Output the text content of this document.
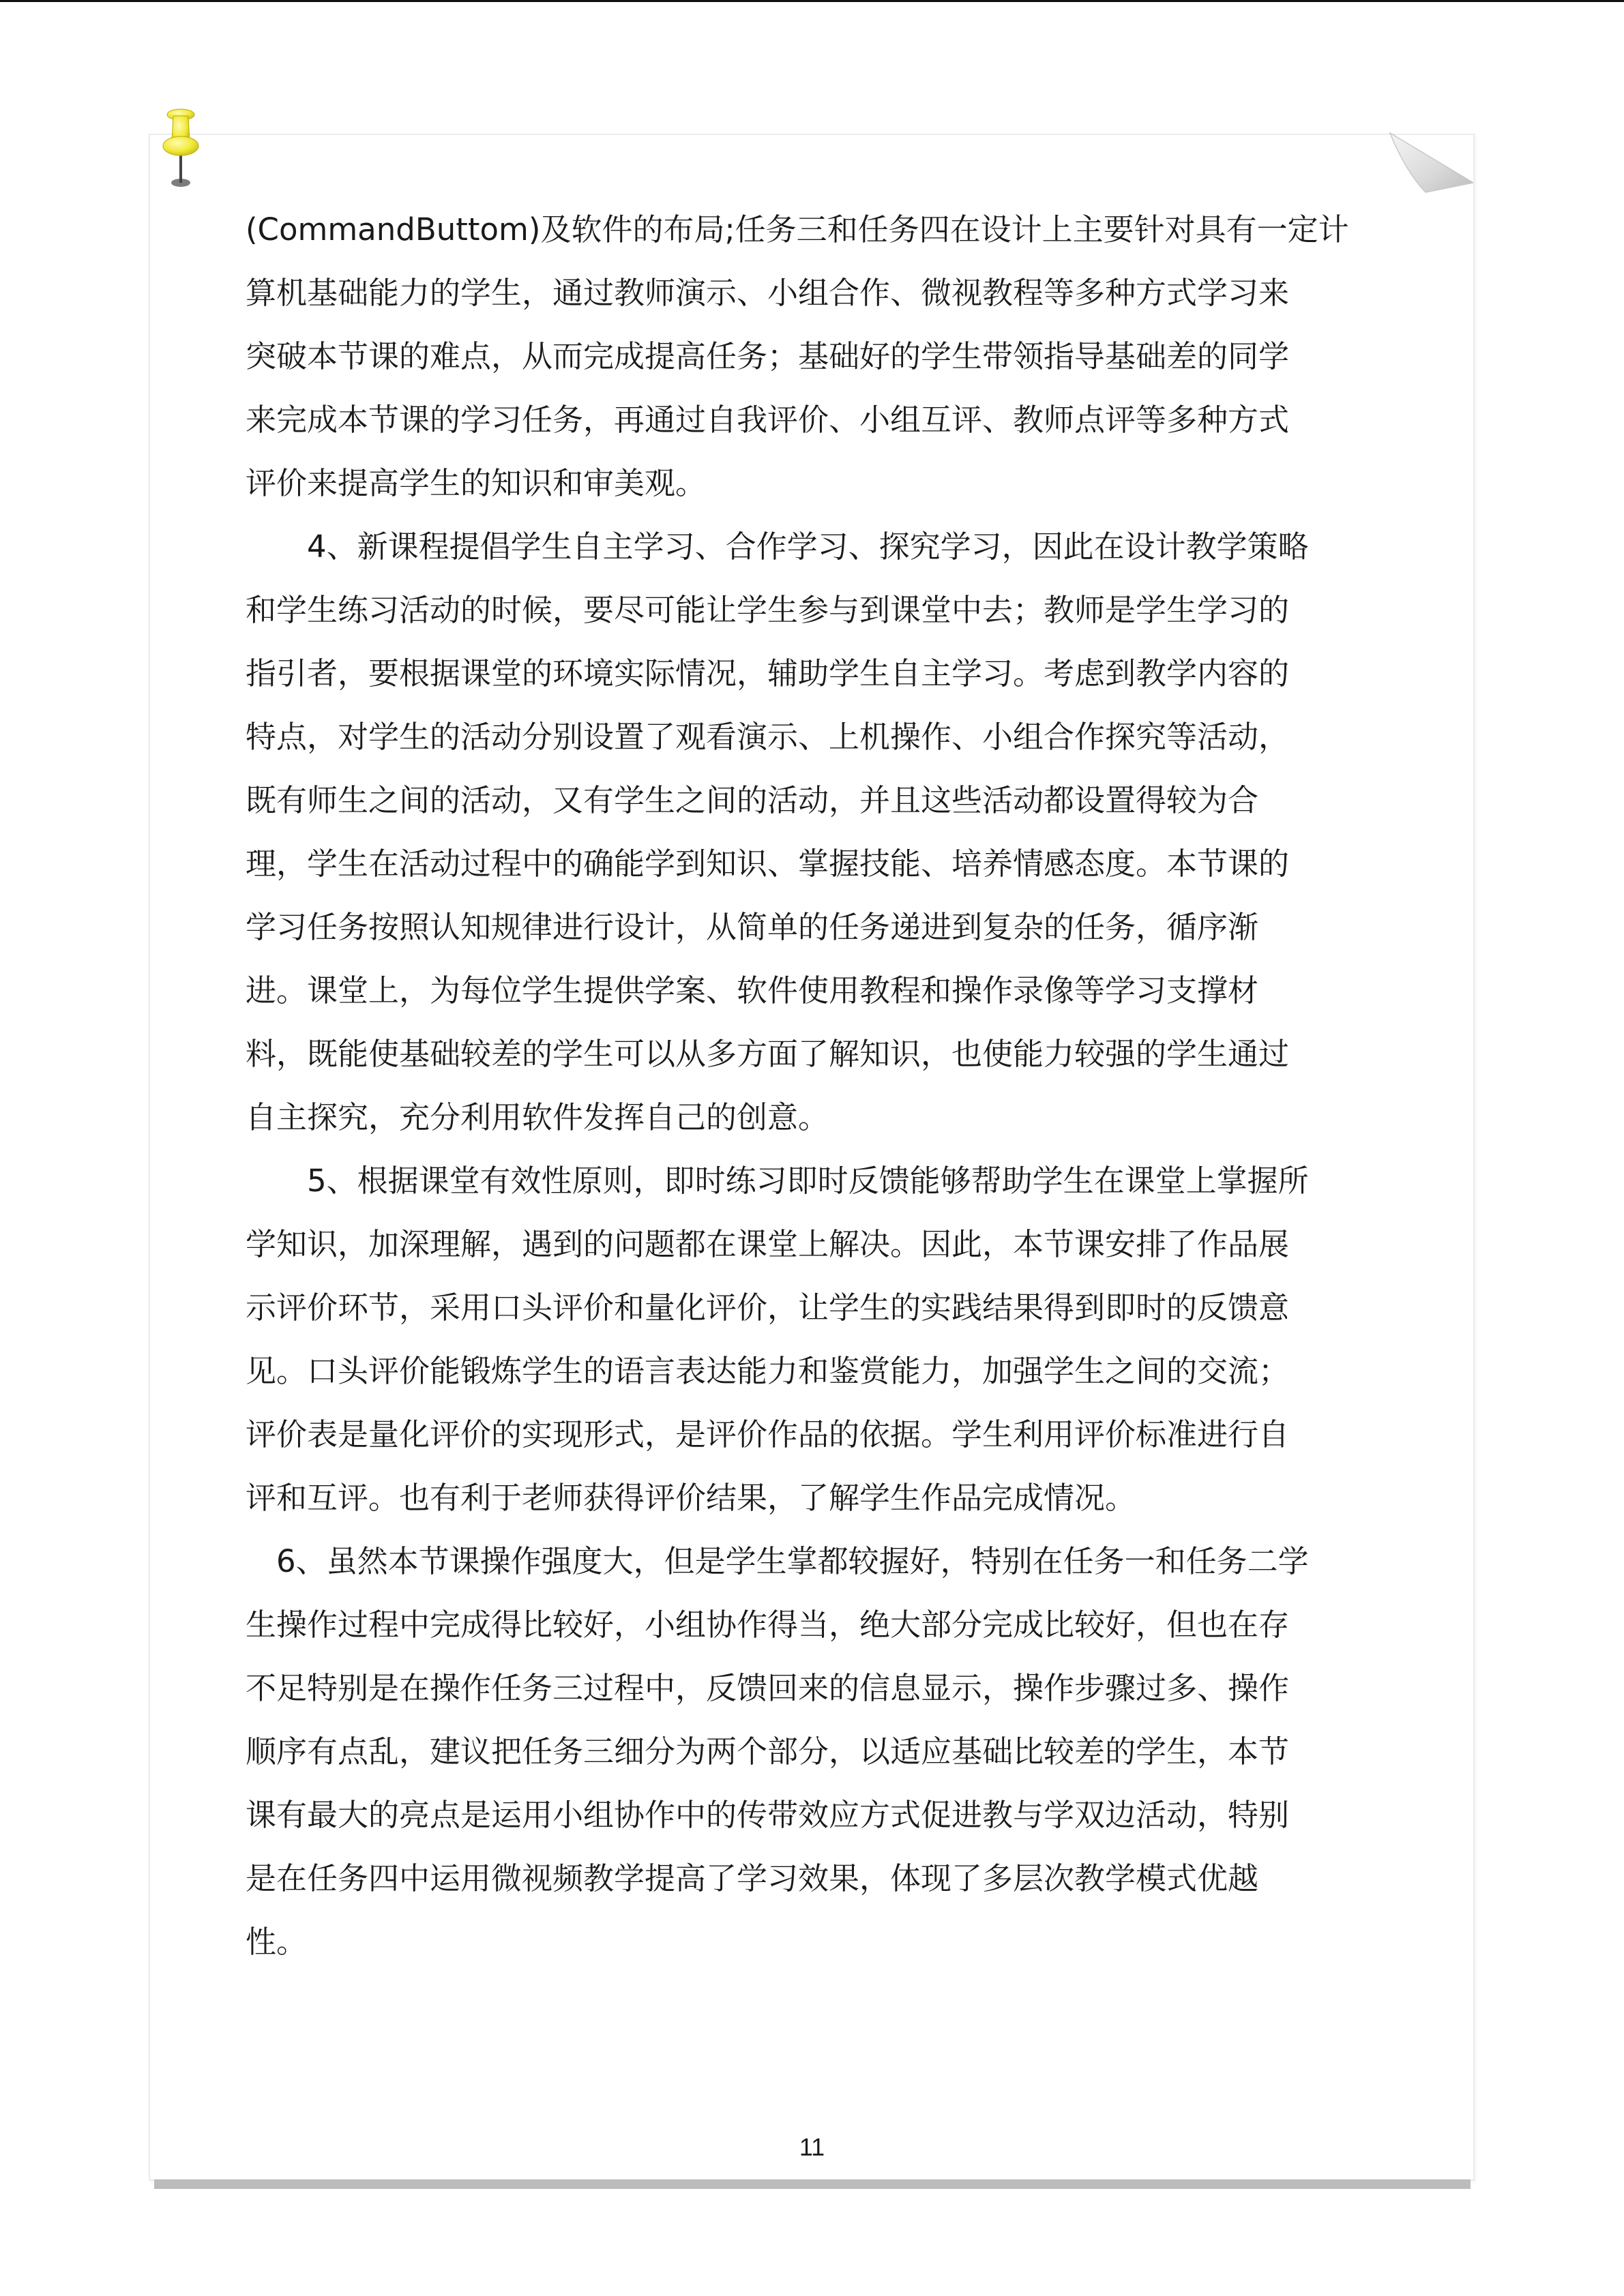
(CommandButtom)及软件的布局;任务三和任务四在设计上主要针对具有一定计
算机基础能力的学生，通过教师演示、小组合作、微视教程等多种方式学习来
突破本节课的难点，从而完成提高任务；基础好的学生带领指导基础差的同学
来完成本节课的学习任务，再通过自我评价、小组互评、教师点评等多种方式
评价来提高学生的知识和审美观。
　　4、新课程提倡学生自主学习、合作学习、探究学习，因此在设计教学策略
和学生练习活动的时候，要尽可能让学生参与到课堂中去；教师是学生学习的
指引者，要根据课堂的环境实际情况，辅助学生自主学习。考虑到教学内容的
特点，对学生的活动分别设置了观看演示、上机操作、小组合作探究等活动，
既有师生之间的活动，又有学生之间的活动，并且这些活动都设置得较为合
理，学生在活动过程中的确能学到知识、掌握技能、培养情感态度。本节课的
学习任务按照认知规律进行设计，从简单的任务递进到复杂的任务，循序渐
进。课堂上，为每位学生提供学案、软件使用教程和操作录像等学习支撑材
料，既能使基础较差的学生可以从多方面了解知识，也使能力较强的学生通过
自主探究，充分利用软件发挥自己的创意。
　　5、根据课堂有效性原则，即时练习即时反馈能够帮助学生在课堂上掌握所
学知识，加深理解，遇到的问题都在课堂上解决。因此，本节课安排了作品展
示评价环节，采用口头评价和量化评价，让学生的实践结果得到即时的反馈意
见。口头评价能锻炼学生的语言表达能力和鉴赏能力，加强学生之间的交流；
评价表是量化评价的实现形式，是评价作品的依据。学生利用评价标准进行自
评和互评。也有利于老师获得评价结果，了解学生作品完成情况。
　6、虽然本节课操作强度大，但是学生掌都较握好，特别在任务一和任务二学
生操作过程中完成得比较好，小组协作得当，绝大部分完成比较好，但也在存
不足特别是在操作任务三过程中，反馈回来的信息显示，操作步骤过多、操作
顺序有点乱，建议把任务三细分为两个部分，以适应基础比较差的学生，本节
课有最大的亮点是运用小组协作中的传带效应方式促进教与学双边活动，特别
是在任务四中运用微视频教学提高了学习效果，体现了多层次教学模式优越
性。
11
